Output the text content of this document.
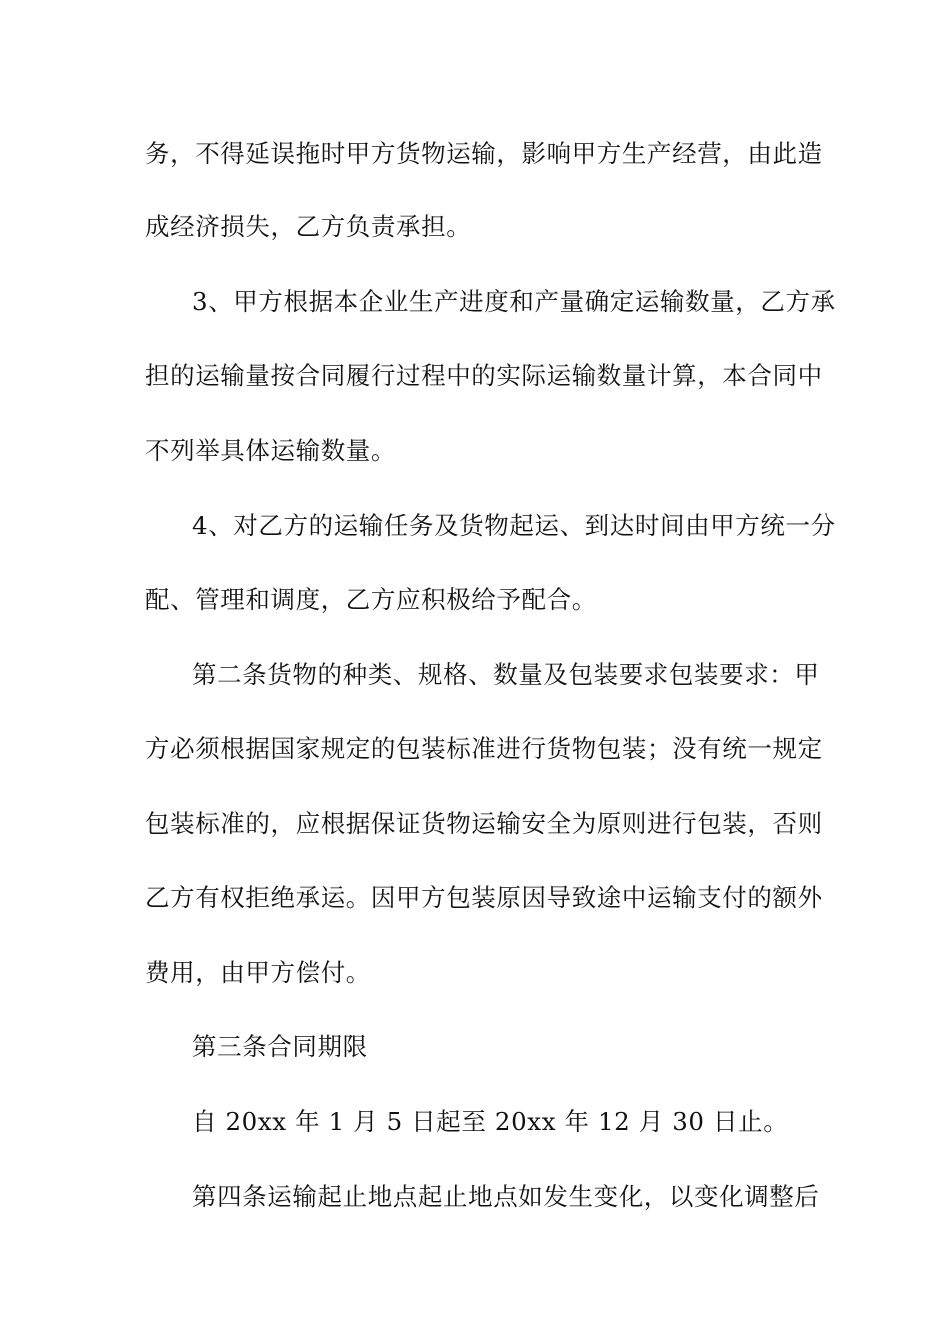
务，不得延误拖时甲方货物运输，影响甲方生产经营，由此造
成经济损失，乙方负责承担。
3、甲方根据本企业生产进度和产量确定运输数量，乙方承
担的运输量按合同履行过程中的实际运输数量计算，本合同中
不列举具体运输数量。
4、对乙方的运输任务及货物起运、到达时间由甲方统一分
配、管理和调度，乙方应积极给予配合。
第二条货物的种类、规格、数量及包装要求包装要求：甲
方必须根据国家规定的包装标准进行货物包装；没有统一规定
包装标准的，应根据保证货物运输安全为原则进行包装，否则
乙方有权拒绝承运。因甲方包装原因导致途中运输支付的额外
费用，由甲方偿付。
第三条合同期限
自 20xx 年 1 月 5 日起至 20xx 年 12 月 30 日止。
第四条运输起止地点起止地点如发生变化，以变化调整后
